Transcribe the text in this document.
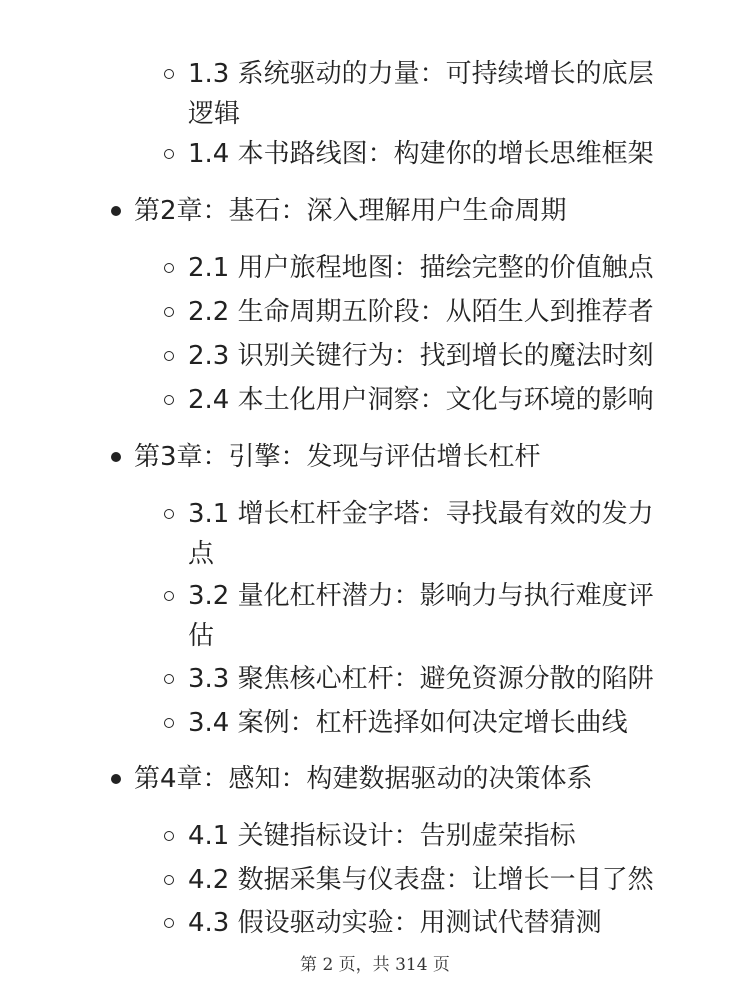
1.3 系统驱动的力量：可持续增长的底层
逻辑
1.4 本书路线图：构建你的增长思维框架
第2章：基石：深入理解用户生命周期
2.1 用户旅程地图：描绘完整的价值触点
2.2 生命周期五阶段：从陌生人到推荐者
2.3 识别关键行为：找到增长的魔法时刻
2.4 本土化用户洞察：文化与环境的影响
第3章：引擎：发现与评估增长杠杆
3.1 增长杠杆金字塔：寻找最有效的发力
点
3.2 量化杠杆潜力：影响力与执行难度评
估
3.3 聚焦核心杠杆：避免资源分散的陷阱
3.4 案例：杠杆选择如何决定增长曲线
第4章：感知：构建数据驱动的决策体系
4.1 关键指标设计：告别虚荣指标
4.2 数据采集与仪表盘：让增长一目了然
4.3 假设驱动实验：用测试代替猜测
第 2 页，共 314 页
